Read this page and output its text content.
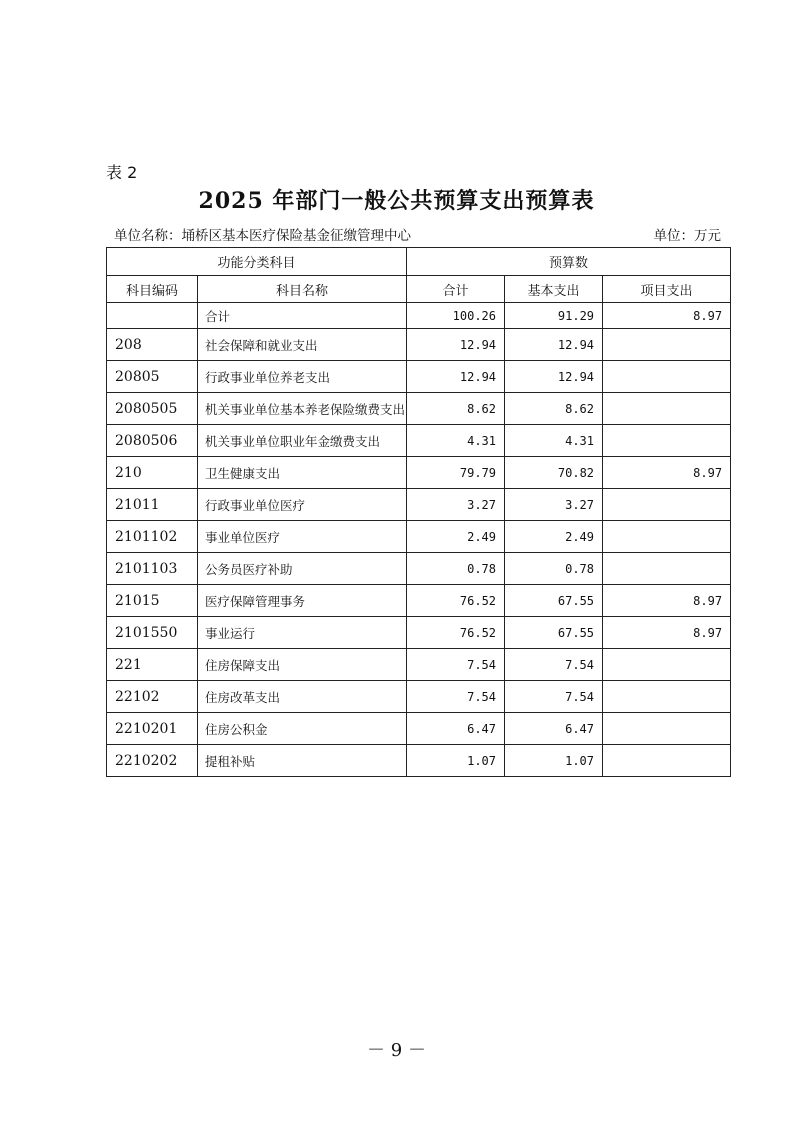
表 2
2025 年部门一般公共预算支出预算表
单位名称：埇桥区基本医疗保险基金征缴管理中心	单位：万元
功能分类科目		预算数		
科目编码	科目名称	合计	基本支出	项目支出
	合计	100.26	91.29	8.97
208	社会保障和就业支出	12.94	12.94	
20805	行政事业单位养老支出	12.94	12.94	
2080505	机关事业单位基本养老保险缴费支出	8.62	8.62	
2080506	机关事业单位职业年金缴费支出	4.31	4.31	
210	卫生健康支出	79.79	70.82	8.97
21011	行政事业单位医疗	3.27	3.27	
2101102	事业单位医疗	2.49	2.49	
2101103	公务员医疗补助	0.78	0.78	
21015	医疗保障管理事务	76.52	67.55	8.97
2101550	事业运行	76.52	67.55	8.97
221	住房保障支出	7.54	7.54	
22102	住房改革支出	7.54	7.54	
2210201	住房公积金	6.47	6.47	
2210202	提租补贴	1.07	1.07	
－ 9 －
